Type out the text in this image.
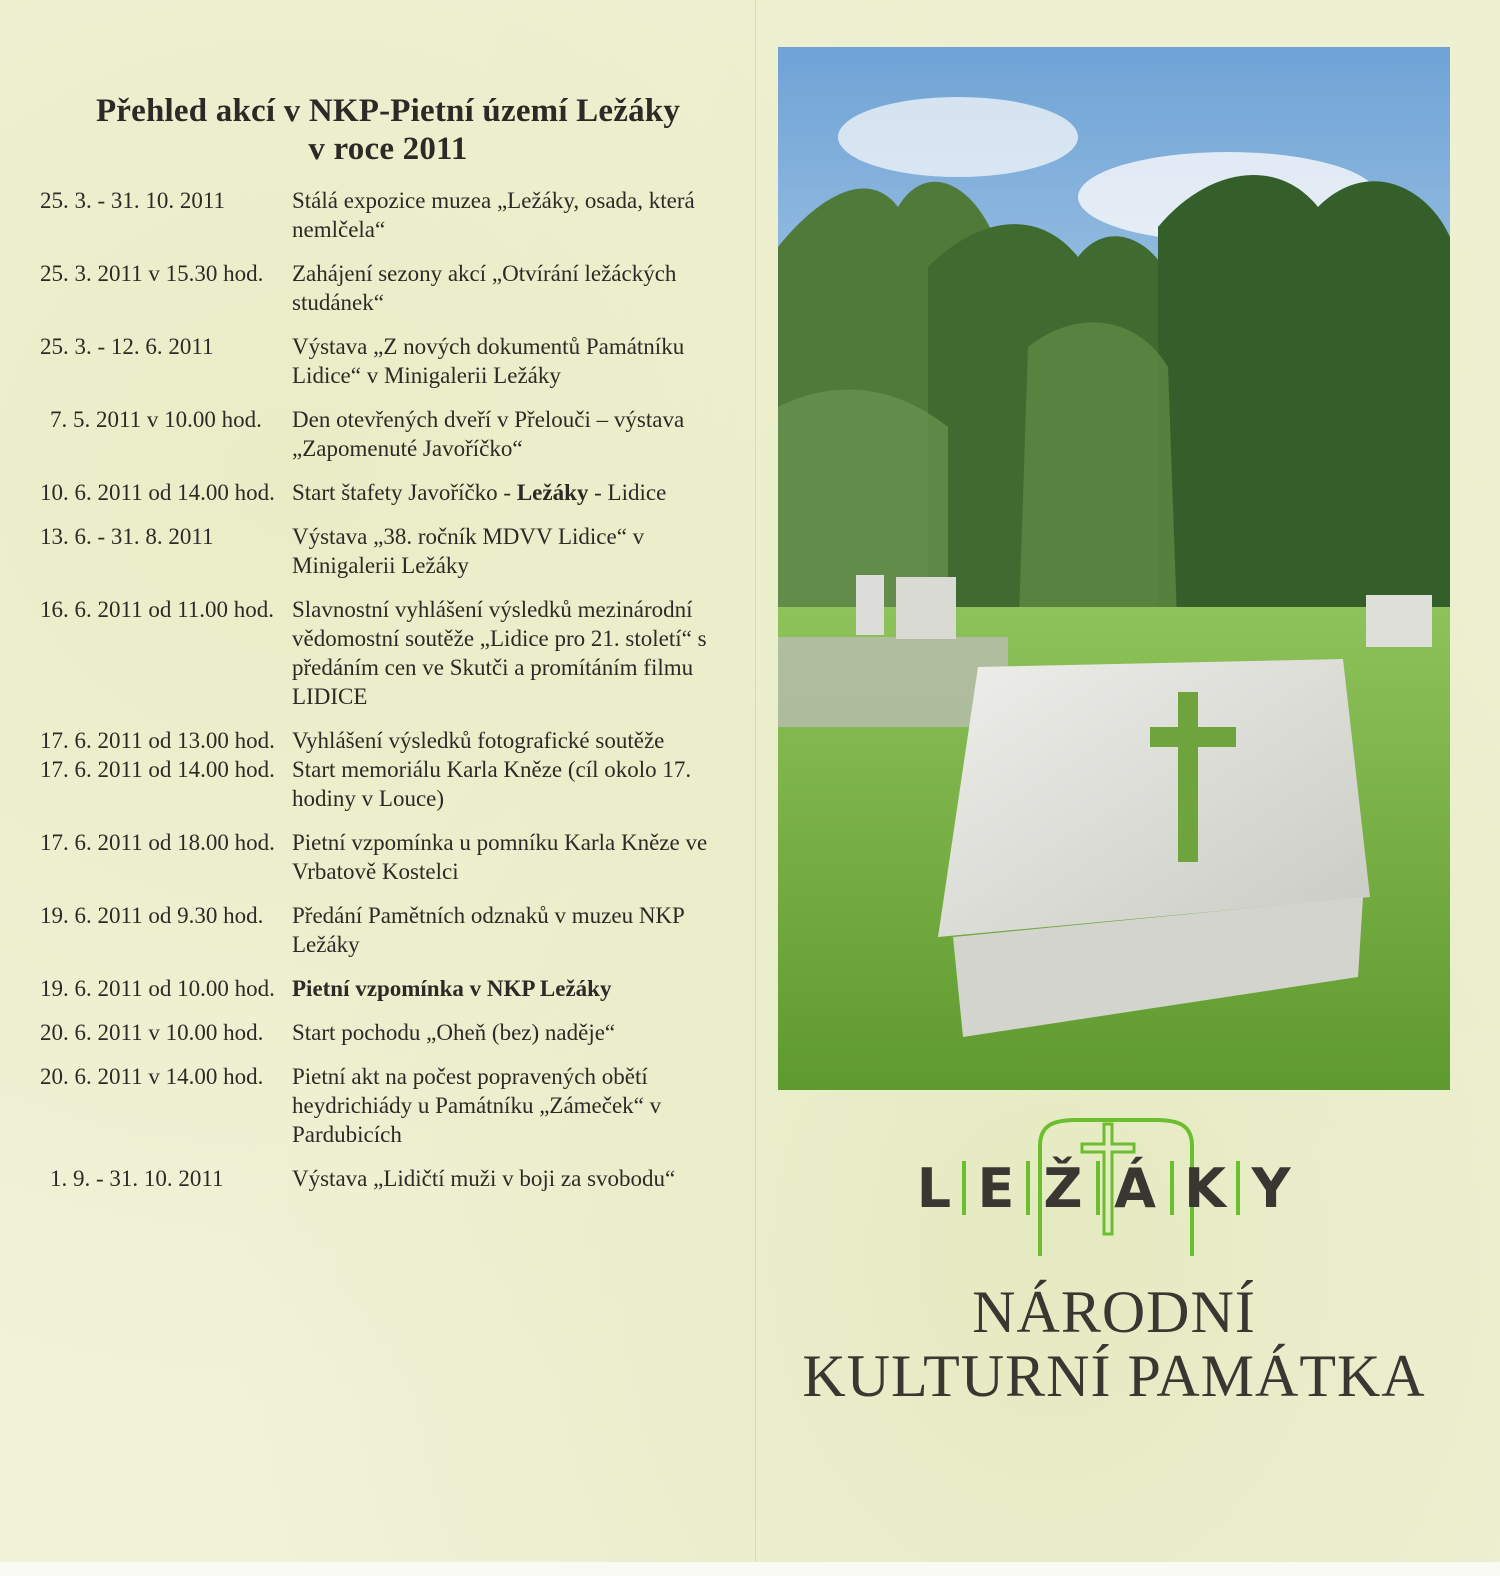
Přehled akcí v NKP-Pietní území Ležáky
v roce 2011
25. 3. - 31. 10. 2011	Stálá expozice muzea „Ležáky, osada, která nemlčela“
25. 3. 2011 v 15.30 hod.	Zahájení sezony akcí „Otvírání ležáckých studánek“
25. 3. - 12. 6. 2011	Výstava „Z nových dokumentů Památníku Lidice“ v Minigalerii Ležáky
7. 5. 2011 v 10.00 hod.	Den otevřených dveří v Přelouči – výstava „Zapomenuté Javoříčko“
10. 6. 2011 od 14.00 hod. Start štafety Javoříčko - Ležáky - Lidice
13. 6. - 31. 8. 2011	Výstava „38. ročník MDVV Lidice“ v Minigalerii Ležáky
16. 6. 2011 od 11.00 hod. Slavnostní vyhlášení výsledků mezinárodní vědomostní soutěže „Lidice pro 21. století“ s předáním cen ve Skutči a promítáním filmu LIDICE
17. 6. 2011 od 13.00 hod. Vyhlášení výsledků fotografické soutěže
17. 6. 2011 od 14.00 hod. Start memoriálu Karla Kněze (cíl okolo 17. hodiny v Louce)
17. 6. 2011 od 18.00 hod. Pietní vzpomínka u pomníku Karla Kněze ve Vrbatově Kostelci
19. 6. 2011 od 9.30 hod.	Předání Pamětních odznaků v muzeu NKP Ležáky
19. 6. 2011 od 10.00 hod. Pietní vzpomínka v NKP Ležáky
20. 6. 2011 v 10.00 hod.	Start pochodu „Oheň (bez) naděje“
20. 6. 2011 v 14.00 hod.	Pietní akt na počest popravených obětí heydrichiády u Památníku „Zámeček“ v Pardubicích
1. 9. - 31. 10. 2011	Výstava „Lidičtí muži v boji za svobodu“	L E Ž Á K Y
NÁRODNÍ
KULTURNÍ PAMÁTKA
